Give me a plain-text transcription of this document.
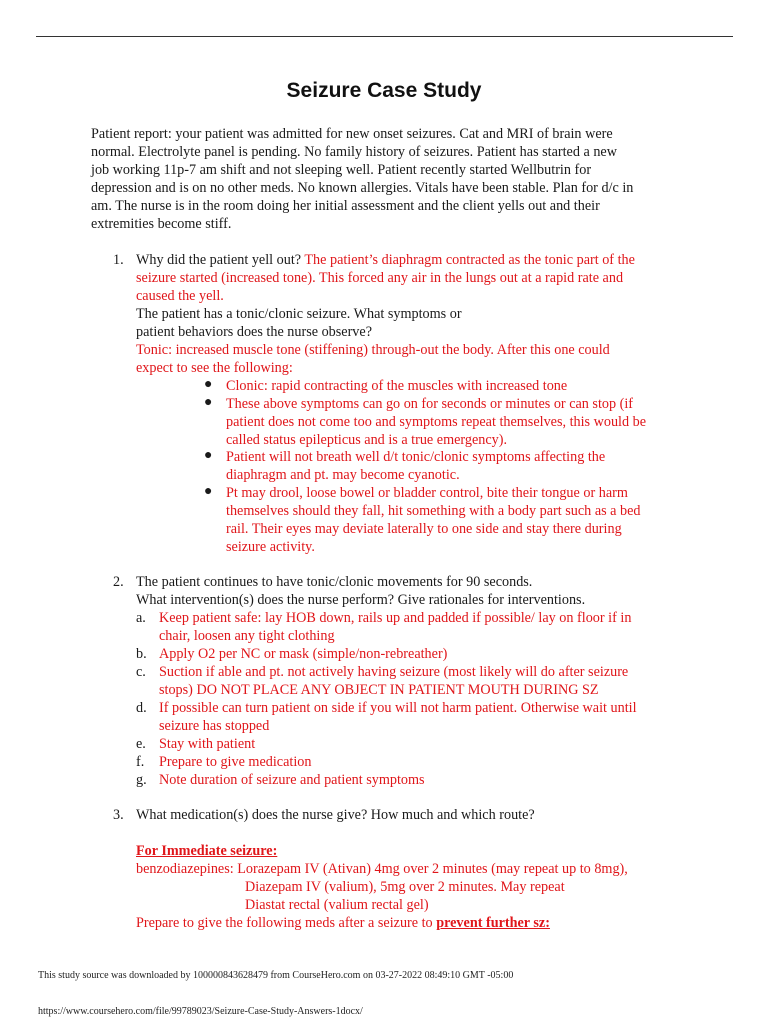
Seizure Case Study
Patient report: your patient was admitted for new onset seizures. Cat and MRI of brain were
normal. Electrolyte panel is pending. No family history of seizures. Patient has started a new
job working 11p-7 am shift and not sleeping well. Patient recently started Wellbutrin for
depression and is on no other meds. No known allergies. Vitals have been stable. Plan for d/c in
am. The nurse is in the room doing her initial assessment and the client yells out and their
extremities become stiff.
1. Why did the patient yell out? The patient’s diaphragm contracted as the tonic part of the
seizure started (increased tone). This forced any air in the lungs out at a rapid rate and
caused the yell.
The patient has a tonic/clonic seizure. What symptoms or
patient behaviors does the nurse observe?
Tonic: increased muscle tone (stiffening) through-out the body. After this one could
expect to see the following:
● Clonic: rapid contracting of the muscles with increased tone
● These above symptoms can go on for seconds or minutes or can stop (if
patient does not come too and symptoms repeat themselves, this would be
called status epilepticus and is a true emergency).
● Patient will not breath well d/t tonic/clonic symptoms affecting the
diaphragm and pt. may become cyanotic.
● Pt may drool, loose bowel or bladder control, bite their tongue or harm
themselves should they fall, hit something with a body part such as a bed
rail. Their eyes may deviate laterally to one side and stay there during
seizure activity.
2. The patient continues to have tonic/clonic movements for 90 seconds.
What intervention(s) does the nurse perform? Give rationales for interventions.
a. Keep patient safe: lay HOB down, rails up and padded if possible/ lay on floor if in
chair, loosen any tight clothing
b. Apply O2 per NC or mask (simple/non-rebreather)
c. Suction if able and pt. not actively having seizure (most likely will do after seizure
stops) DO NOT PLACE ANY OBJECT IN PATIENT MOUTH DURING SZ
d. If possible can turn patient on side if you will not harm patient. Otherwise wait until
seizure has stopped
e. Stay with patient
f. Prepare to give medication
g. Note duration of seizure and patient symptoms
3. What medication(s) does the nurse give? How much and which route?
For Immediate seizure:
benzodiazepines: Lorazepam IV (Ativan) 4mg over 2 minutes (may repeat up to 8mg),
Diazepam IV (valium), 5mg over 2 minutes. May repeat
Diastat rectal (valium rectal gel)
Prepare to give the following meds after a seizure to prevent further sz:
This study source was downloaded by 100000843628479 from CourseHero.com on 03-27-2022 08:49:10 GMT -05:00
https://www.coursehero.com/file/99789023/Seizure-Case-Study-Answers-1docx/
